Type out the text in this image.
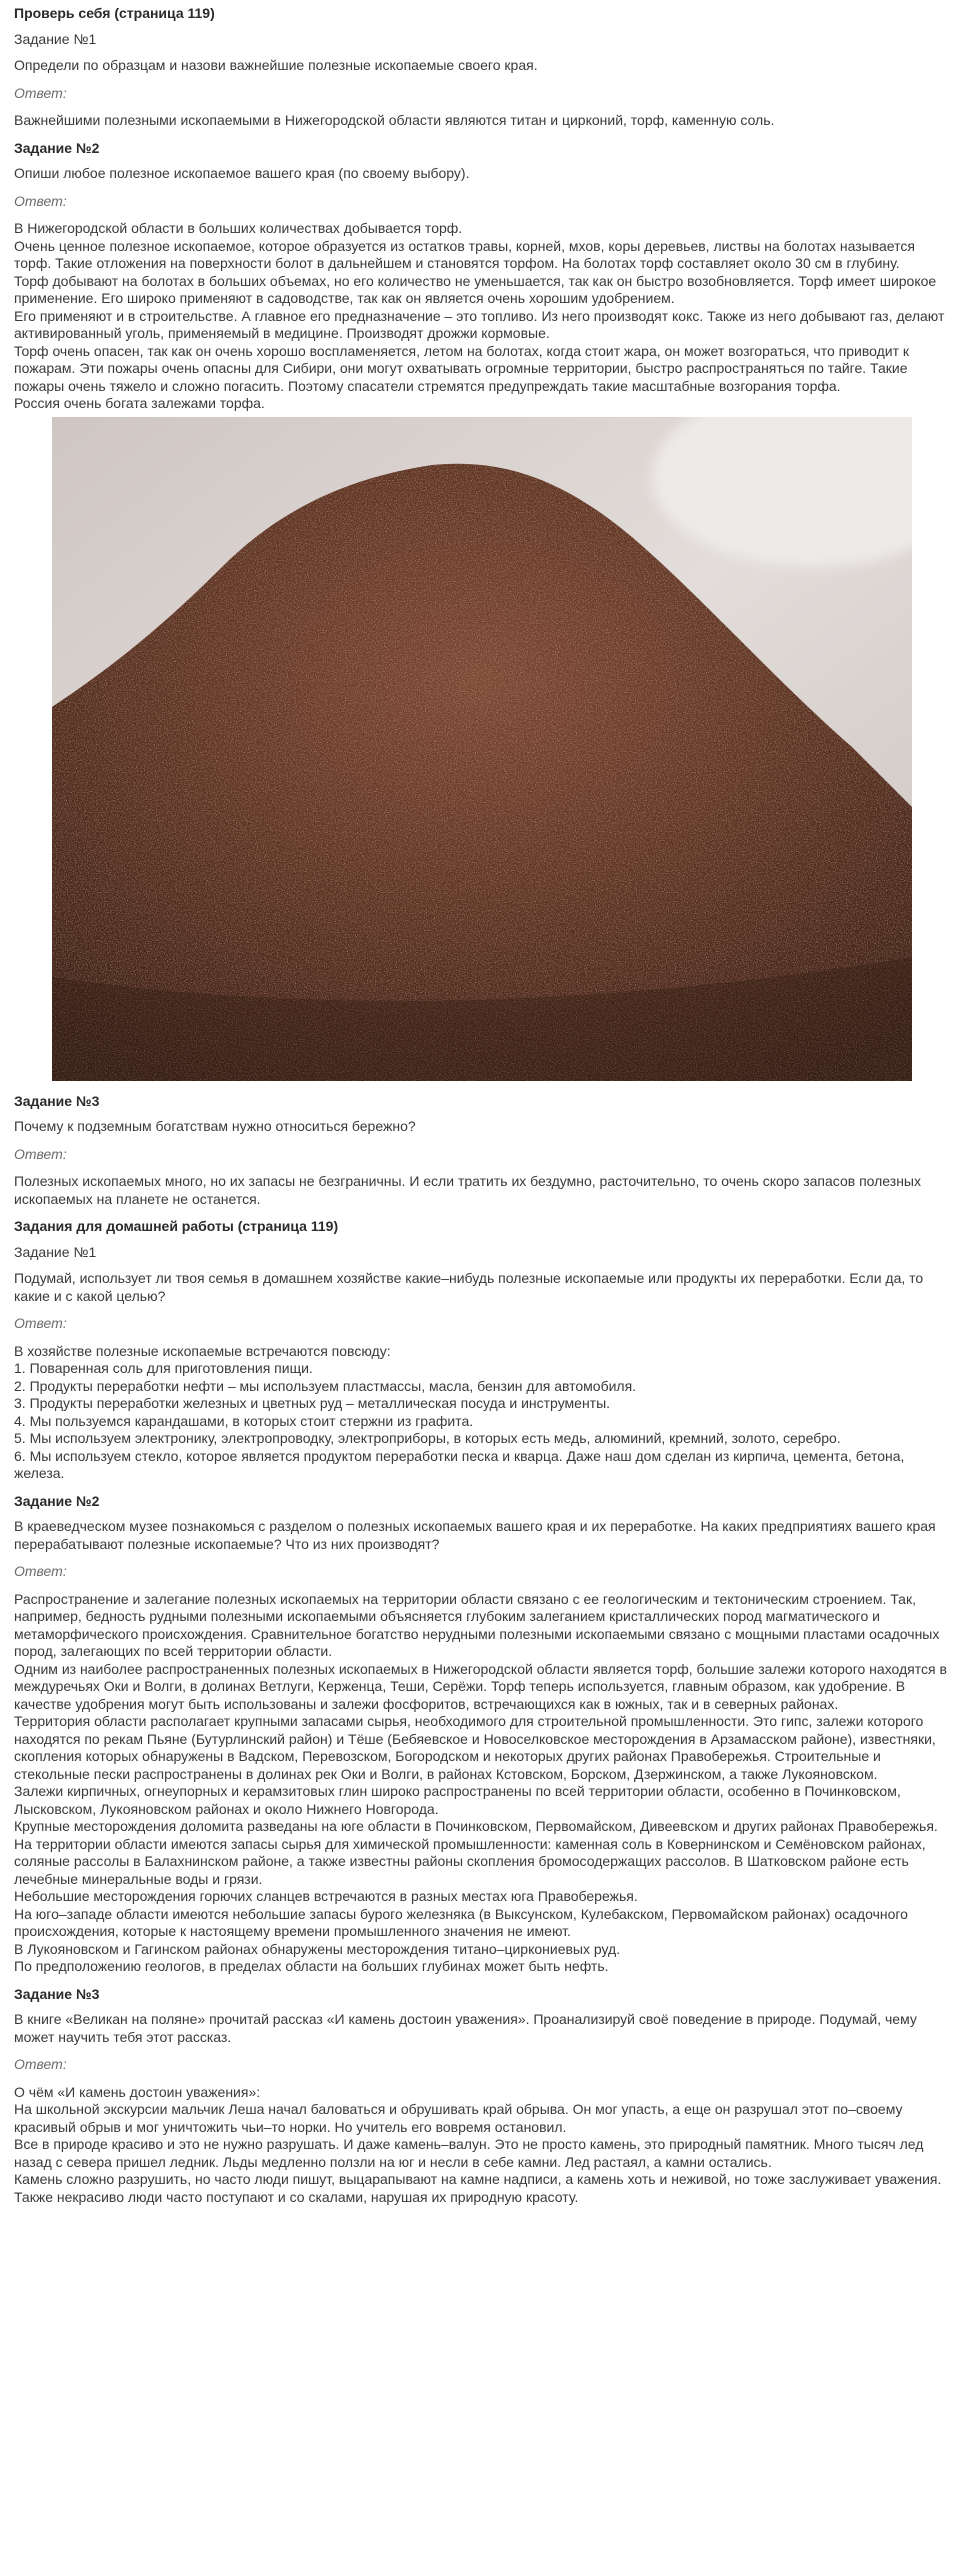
Проверь себя (страница 119)
Задание №1
Определи по образцам и назови важнейшие полезные ископаемые своего края.
Ответ:
Важнейшими полезными ископаемыми в Нижегородской области являются титан и цирконий, торф, каменную соль.
Задание №2
Опиши любое полезное ископаемое вашего края (по своему выбору).
Ответ:

В Нижегородской области в больших количествах добывается торф.

Очень ценное полезное ископаемое, которое образуется из остатков травы, корней, мхов, коры деревьев, листвы на болотах называется торф. Такие отложения на поверхности болот в дальнейшем и становятся торфом. На болотах торф составляет около 30 см в глубину.

Торф добывают на болотах в больших объемах, но его количество не уменьшается, так как он быстро возобновляется. Торф имеет широкое применение. Его широко применяют в садоводстве, так как он является очень хорошим удобрением.

Его применяют и в строительстве. А главное его предназначение – это топливо. Из него производят кокс. Также из него добывают газ, делают активированный уголь, применяемый в медицине. Производят дрожжи кормовые.

Торф очень опасен, так как он очень хорошо воспламеняется, летом на болотах, когда стоит жара, он может возгораться, что приводит к пожарам. Эти пожары очень опасны для Сибири, они могут охватывать огромные территории, быстро распространяться по тайге. Такие пожары очень тяжело и сложно погасить. Поэтому спасатели стремятся предупреждать такие масштабные возгорания торфа.

Россия очень богата залежами торфа.

Задание №3
Почему к подземным богатствам нужно относиться бережно?
Ответ:
Полезных ископаемых много, но их запасы не безграничны. И если тратить их бездумно, расточительно, то очень скоро запасов полезных ископаемых на планете не останется.
Задания для домашней работы (страница 119)
Задание №1
Подумай, использует ли твоя семья в домашнем хозяйстве какие–нибудь полезные ископаемые или продукты их переработки. Если да, то какие и с какой целью?
Ответ:

В хозяйстве полезные ископаемые встречаются повсюду:

1. Поваренная соль для приготовления пищи.

2. Продукты переработки нефти – мы используем пластмассы, масла, бензин для автомобиля.

3. Продукты переработки железных и цветных руд – металлическая посуда и инструменты.

4. Мы пользуемся карандашами, в которых стоит стержни из графита.

5. Мы используем электронику, электропроводку, электроприборы, в которых есть медь, алюминий, кремний, золото, серебро.

6. Мы используем стекло, которое является продуктом переработки песка и кварца. Даже наш дом сделан из кирпича, цемента, бетона, железа.

Задание №2
В краеведческом музее познакомься с разделом о полезных ископаемых вашего края и их переработке. На каких предприятиях вашего края перерабатывают полезные ископаемые? Что из них производят?
Ответ:

Распространение и залегание полезных ископаемых на территории области связано с ее геологическим и тектоническим строением. Так, например, бедность рудными полезными ископаемыми объясняется глубоким залеганием кристаллических пород магматического и метаморфического происхождения. Сравнительное богатство нерудными полезными ископаемыми связано с мощными пластами осадочных пород, залегающих по всей территории области.

Одним из наиболее распространенных полезных ископаемых в Нижегородской области является торф, большие залежи которого находятся в междуречьях Оки и Волги, в долинах Ветлуги, Керженца, Теши, Серёжи. Торф теперь используется, главным образом, как удобрение. В качестве удобрения могут быть использованы и залежи фосфоритов, встречающихся как в южных, так и в северных районах.

Территория области располагает крупными запасами сырья, необходимого для строительной промышленности. Это гипс, залежи которого находятся по рекам Пьяне (Бутурлинский район) и Тёше (Бебяевское и Новоселковское месторождения в Арзамасском районе), известняки, скопления которых обнаружены в Вадском, Перевозском, Богородском и некоторых других районах Правобережья. Строительные и стекольные пески распространены в долинах рек Оки и Волги, в районах Кстовском, Борском, Дзержинском, а также Лукояновском.

Залежи кирпичных, огнеупорных и керамзитовых глин широко распространены по всей территории области, особенно в Починковском, Лысковском, Лукояновском районах и около Нижнего Новгорода.

Крупные месторождения доломита разведаны на юге области в Починковском, Первомайском, Дивеевском и других районах Правобережья.

На территории области имеются запасы сырья для химической промышленности: каменная соль в Ковернинском и Семёновском районах, соляные рассолы в Балахнинском районе, а также известны районы скопления бромосодержащих рассолов. В Шатковском районе есть лечебные минеральные воды и грязи.

Небольшие месторождения горючих сланцев встречаются в разных местах юга Правобережья.

На юго–западе области имеются небольшие запасы бурого железняка (в Выксунском, Кулебакском, Первомайском районах) осадочного происхождения, которые к настоящему времени промышленного значения не имеют.

В Лукояновском и Гагинском районах обнаружены месторождения титано–циркониевых руд.

По предположению геологов, в пределах области на больших глубинах может быть нефть.

Задание №3
В книге «Великан на поляне» прочитай рассказ «И камень достоин уважения». Проанализируй своё поведение в природе. Подумай, чему может научить тебя этот рассказ.
Ответ:

О чём «И камень достоин уважения»:

На школьной экскурсии мальчик Леша начал баловаться и обрушивать край обрыва. Он мог упасть, а еще он разрушал этот по–своему красивый обрыв и мог уничтожить чьи–то норки. Но учитель его вовремя остановил.

Все в природе красиво и это не нужно разрушать. И даже камень–валун. Это не просто камень, это природный памятник. Много тысяч лед назад с севера пришел ледник. Льды медленно ползли на юг и несли в себе камни. Лед растаял, а камни остались.

Камень сложно разрушить, но часто люди пишут, выцарапывают на камне надписи, а камень хоть и неживой, но тоже заслуживает уважения.

Также некрасиво люди часто поступают и со скалами, нарушая их природную красоту.
